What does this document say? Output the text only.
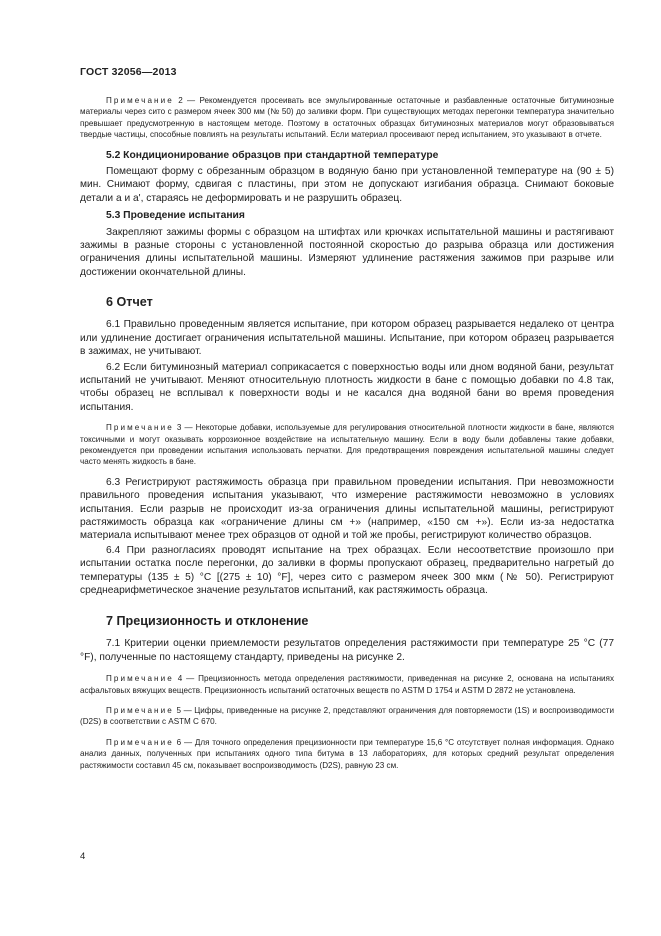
ГОСТ 32056—2013

Примечание 2 — Рекомендуется просеивать все эмульгированные остаточные и разбавленные остаточные битуминозные материалы через сито с размером ячеек 300 мм (№ 50) до заливки форм. При существующих методах перегонки температура значительно превышает предусмотренную в настоящем методе. Поэтому в остаточных образцах битуминозных материалов могут образовываться твердые частицы, способные повлиять на результаты испытаний. Если материал просеивают перед испытанием, это указывают в отчете.

5.2 Кондиционирование образцов при стандартной температуре

Помещают форму с обрезанным образцом в водяную баню при установленной температуре на (90 ± 5) мин. Снимают форму, сдвигая с пластины, при этом не допускают изгибания образца. Снимают боковые детали a и a', стараясь не деформировать и не разрушить образец.

5.3 Проведение испытания

Закрепляют зажимы формы с образцом на штифтах или крючках испытательной машины и растягивают зажимы в разные стороны с установленной постоянной скоростью до разрыва образца или достижения ограничения длины испытательной машины. Измеряют удлинение растяжения зажимов при разрыве или достижении окончательной длины.

6 Отчет

6.1 Правильно проведенным является испытание, при котором образец разрывается недалеко от центра или удлинение достигает ограничения испытательной машины. Испытание, при котором образец разрывается в зажимах, не учитывают.

6.2 Если битуминозный материал соприкасается с поверхностью воды или дном водяной бани, результат испытаний не учитывают. Меняют относительную плотность жидкости в бане с помощью добавки по 4.8 так, чтобы образец не всплывал к поверхности воды и не касался дна водяной бани во время проведения испытания.

Примечание 3 — Некоторые добавки, используемые для регулирования относительной плотности жидкости в бане, являются токсичными и могут оказывать коррозионное воздействие на испытательную машину. Если в воду были добавлены такие добавки, рекомендуется при проведении испытания использовать перчатки. Для предотвращения повреждения испытательной машины следует часто менять жидкость в бане.

6.3 Регистрируют растяжимость образца при правильном проведении испытания. При невозможности правильного проведения испытания указывают, что измерение растяжимости невозможно в условиях испытания. Если разрыв не происходит из-за ограничения длины испытательной машины, регистрируют растяжимость образца как «ограничение длины см +» (например, «150 см +»). Если из-за недостатка материала испытывают менее трех образцов от одной и той же пробы, регистрируют количество образцов.

6.4 При разногласиях проводят испытание на трех образцах. Если несоответствие произошло при испытании остатка после перегонки, до заливки в формы пропускают образец, предварительно нагретый до температуры (135 ± 5) °С [(275 ± 10) °F], через сито с размером ячеек 300 мкм (№ 50). Регистрируют среднеарифметическое значение результатов испытаний, как растяжимость образца.

7 Прецизионность и отклонение

7.1 Критерии оценки приемлемости результатов определения растяжимости при температуре 25 °С (77 °F), полученные по настоящему стандарту, приведены на рисунке 2.

Примечание 4 — Прецизионность метода определения растяжимости, приведенная на рисунке 2, основана на испытаниях асфальтовых вяжущих веществ. Прецизионность испытаний остаточных веществ по ASTM D 1754 и ASTM D 2872 не установлена.

Примечание 5 — Цифры, приведенные на рисунке 2, представляют ограничения для повторяемости (1S) и воспроизводимости (D2S) в соответствии с ASTM C 670.

Примечание 6 — Для точного определения прецизионности при температуре 15,6 °С отсутствует полная информация. Однако анализ данных, полученных при испытаниях одного типа битума в 13 лабораториях, для которых средний результат определения растяжимости составил 45 см, показывает воспроизводимость (D2S), равную 23 см.

4
